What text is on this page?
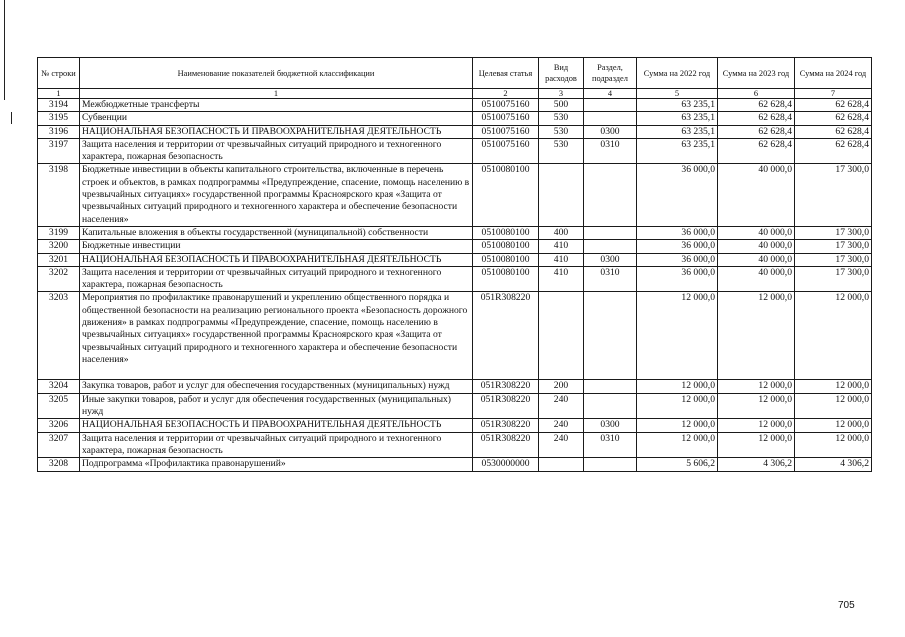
№ строки	Наименование показателей бюджетной классификации	Целевая статья	Вид расходов	Раздел, подраздел	Сумма на 2022 год	Сумма на 2023 год	Сумма на 2024 год
1	1	2	3	4	5	6	7
3194	Межбюджетные трансферты	0510075160	500		63 235,1	62 628,4	62 628,4
3195	Субвенции	0510075160	530		63 235,1	62 628,4	62 628,4
3196	НАЦИОНАЛЬНАЯ БЕЗОПАСНОСТЬ И ПРАВООХРАНИТЕЛЬНАЯ ДЕЯТЕЛЬНОСТЬ	0510075160	530	0300	63 235,1	62 628,4	62 628,4
3197	Защита населения и территории от чрезвычайных ситуаций природного и техногенного характера, пожарная безопасность	0510075160	530	0310	63 235,1	62 628,4	62 628,4
3198	Бюджетные инвестиции в объекты капитального строительства, включенные в перечень строек и объектов, в рамках подпрограммы «Предупреждение, спасение, помощь населению в чрезвычайных ситуациях» государственной программы Красноярского края «Защита от чрезвычайных ситуаций природного и техногенного характера и обеспечение безопасности населения»	0510080100			36 000,0	40 000,0	17 300,0
3199	Капитальные вложения в объекты государственной (муниципальной) собственности	0510080100	400		36 000,0	40 000,0	17 300,0
3200	Бюджетные инвестиции	0510080100	410		36 000,0	40 000,0	17 300,0
3201	НАЦИОНАЛЬНАЯ БЕЗОПАСНОСТЬ И ПРАВООХРАНИТЕЛЬНАЯ ДЕЯТЕЛЬНОСТЬ	0510080100	410	0300	36 000,0	40 000,0	17 300,0
3202	Защита населения и территории от чрезвычайных ситуаций природного и техногенного характера, пожарная безопасность	0510080100	410	0310	36 000,0	40 000,0	17 300,0
3203	Мероприятия по профилактике правонарушений и укреплению общественного порядка и общественной безопасности на реализацию регионального проекта «Безопасность дорожного движения» в рамках подпрограммы «Предупреждение, спасение, помощь населению в чрезвычайных ситуациях» государственной программы Красноярского края «Защита от чрезвычайных ситуаций природного и техногенного характера и обеспечение безопасности населения»	051R308220			12 000,0	12 000,0	12 000,0
3204	Закупка товаров, работ и услуг для обеспечения государственных (муниципальных) нужд	051R308220	200		12 000,0	12 000,0	12 000,0
3205	Иные закупки товаров, работ и услуг для обеспечения государственных (муниципальных) нужд	051R308220	240		12 000,0	12 000,0	12 000,0
3206	НАЦИОНАЛЬНАЯ БЕЗОПАСНОСТЬ И ПРАВООХРАНИТЕЛЬНАЯ ДЕЯТЕЛЬНОСТЬ	051R308220	240	0300	12 000,0	12 000,0	12 000,0
3207	Защита населения и территории от чрезвычайных ситуаций природного и техногенного характера, пожарная безопасность	051R308220	240	0310	12 000,0	12 000,0	12 000,0
3208	Подпрограмма «Профилактика правонарушений»	0530000000			5 606,2	4 306,2	4 306,2
705
